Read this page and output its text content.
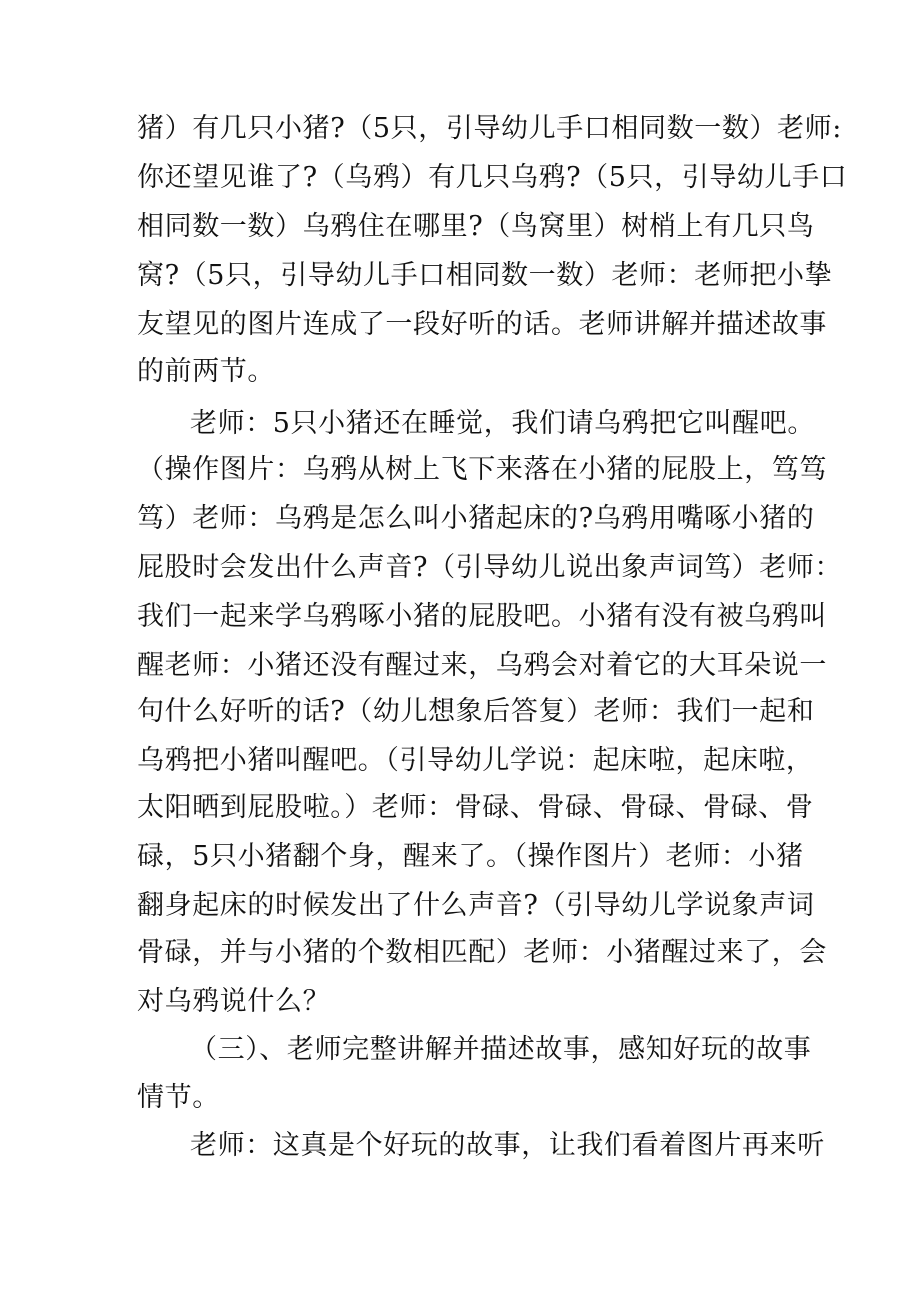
猪）有几只小猪?（5只，引导幼儿手口相同数一数）老师:
你还望见谁了?（乌鸦）有几只乌鸦?（5只，引导幼儿手口
相同数一数）乌鸦住在哪里?（鸟窝里）树梢上有几只鸟
窝?（5只，引导幼儿手口相同数一数）老师：老师把小挚
友望见的图片连成了一段好听的话。老师讲解并描述故事
的前两节。
老师：5只小猪还在睡觉，我们请乌鸦把它叫醒吧。
（操作图片：乌鸦从树上飞下来落在小猪的屁股上，笃笃
笃）老师：乌鸦是怎么叫小猪起床的?乌鸦用嘴啄小猪的
屁股时会发出什么声音?（引导幼儿说出象声词笃）老师：
我们一起来学乌鸦啄小猪的屁股吧。小猪有没有被乌鸦叫
醒老师：小猪还没有醒过来，乌鸦会对着它的大耳朵说一
句什么好听的话?（幼儿想象后答复）老师：我们一起和
乌鸦把小猪叫醒吧。（引导幼儿学说：起床啦，起床啦，
太阳晒到屁股啦。）老师：骨碌、骨碌、骨碌、骨碌、骨
碌，5只小猪翻个身，醒来了。（操作图片）老师：小猪
翻身起床的时候发出了什么声音?（引导幼儿学说象声词
骨碌，并与小猪的个数相匹配）老师：小猪醒过来了，会
对乌鸦说什么？
（三）、老师完整讲解并描述故事，感知好玩的故事
情节。
老师：这真是个好玩的故事，让我们看着图片再来听
